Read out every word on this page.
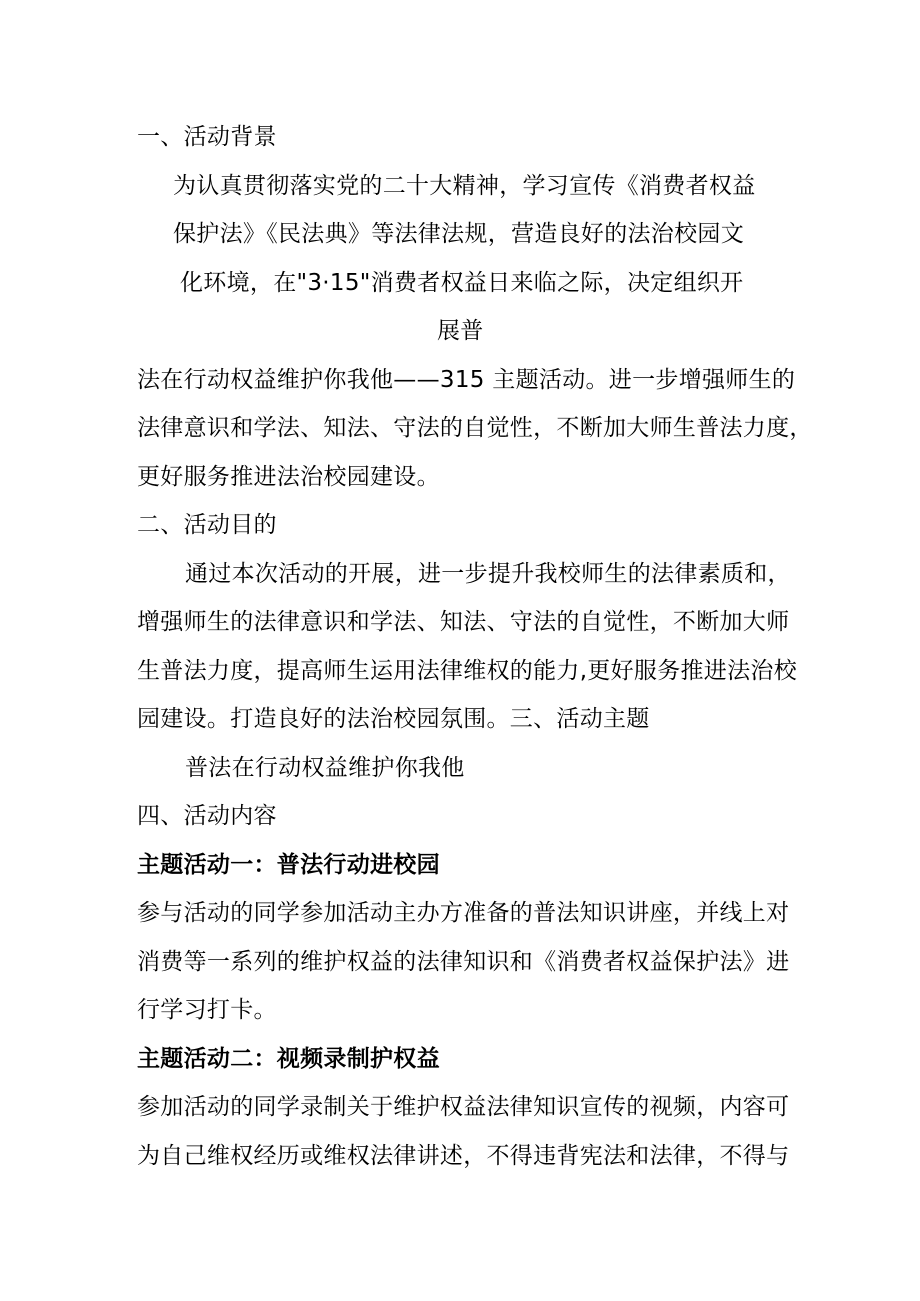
一、活动背景
为认真贯彻落实党的二十大精神，学习宣传《消费者权益
保护法》《民法典》等法律法规，营造良好的法治校园文
化环境，在"3·15"消费者权益日来临之际，决定组织开
展普
法在行动权益维护你我他——315 主题活动。进一步增强师生的
法律意识和学法、知法、守法的自觉性，不断加大师生普法力度，
更好服务推进法治校园建设。
二、活动目的
通过本次活动的开展，进一步提升我校师生的法律素质和，
增强师生的法律意识和学法、知法、守法的自觉性，不断加大师
生普法力度，提高师生运用法律维权的能力,更好服务推进法治校
园建设。打造良好的法治校园氛围。三、活动主题
普法在行动权益维护你我他
四、活动内容
主题活动一：普法行动进校园
参与活动的同学参加活动主办方准备的普法知识讲座，并线上对
消费等一系列的维护权益的法律知识和《消费者权益保护法》进
行学习打卡。
主题活动二：视频录制护权益
参加活动的同学录制关于维护权益法律知识宣传的视频，内容可
为自己维权经历或维权法律讲述，不得违背宪法和法律，不得与
